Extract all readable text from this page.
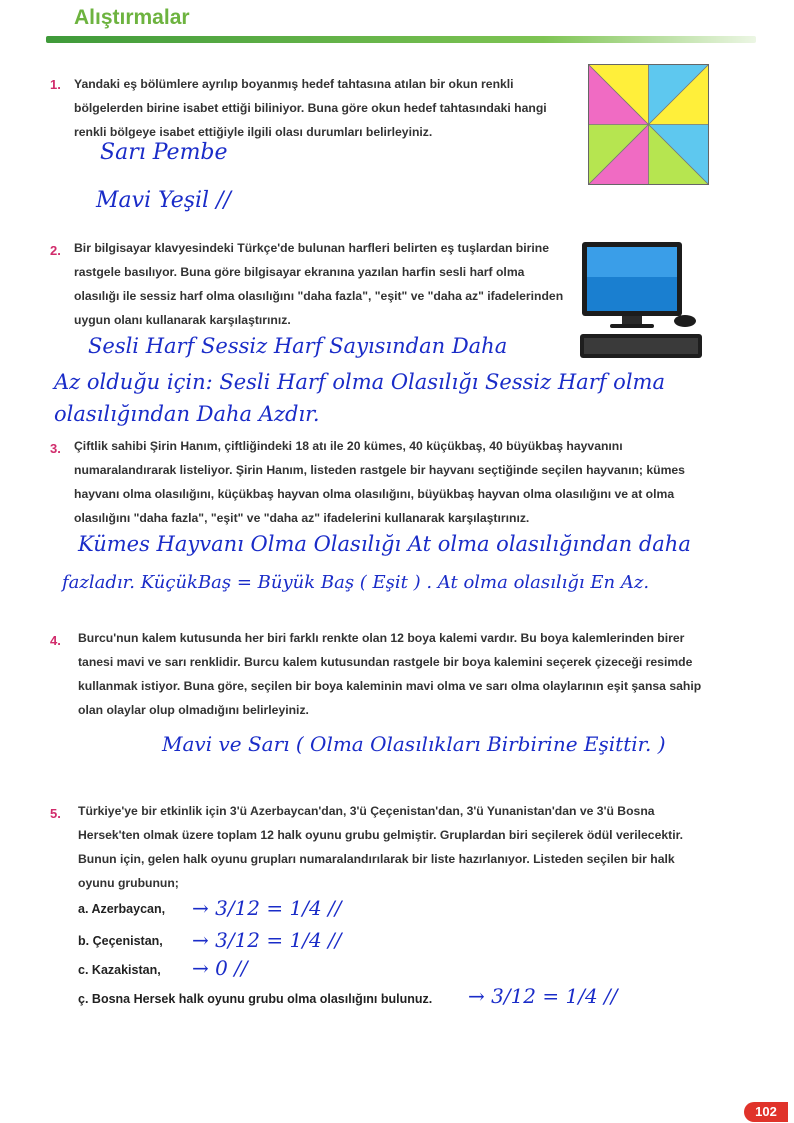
Alıştırmalar
1. Yandaki eş bölümlere ayrılıp boyanmış hedef tahtasına atılan bir okun renkli bölgelerden birine isabet ettiği biliniyor. Buna göre okun hedef tahtasındaki hangi renkli bölgeye isabet ettiğiyle ilgili olası durumları belirleyiniz.

Sarı Pembe
Mavi Yeşil //
2. Bir bilgisayar klavyesindeki Türkçe'de bulunan harfleri belirten eş tuşlardan birine rastgele basılıyor. Buna göre bilgisayar ekranına yazılan harfin sesli harf olma olasılığı ile sessiz harf olma olasılığını "daha fazla", "eşit" ve "daha az" ifadelerinden uygun olanı kullanarak karşılaştırınız.

Sesli Harf Sessiz Harf Sayısından Daha
Az olduğu için: Sesli Harf olma Olasılığı Sessiz Harf olma
olasılığından Daha Azdır.
3. Çiftlik sahibi Şirin Hanım, çiftliğindeki 18 atı ile 20 kümes, 40 küçükbaş, 40 büyükbaş hayvanını numaralandırarak listeliyor. Şirin Hanım, listeden rastgele bir hayvanı seçtiğinde seçilen hayvanın; kümes hayvanı olma olasılığını, küçükbaş hayvan olma olasılığını, büyükbaş hayvan olma olasılığını ve at olma olasılığını "daha fazla", "eşit" ve "daha az" ifadelerini kullanarak karşılaştırınız.

Kümes Hayvanı Olma Olasılığı At olma olasılığından daha
fazladır. KüçükBaş = Büyük Baş ( Eşit ) . At olma olasılığı En Az.
4. Burcu'nun kalem kutusunda her biri farklı renkte olan 12 boya kalemi vardır. Bu boya kalemlerinden birer tanesi mavi ve sarı renklidir. Burcu kalem kutusundan rastgele bir boya kalemini seçerek çizeceği resimde kullanmak istiyor. Buna göre, seçilen bir boya kaleminin mavi olma ve sarı olma olaylarının eşit şansa sahip olan olaylar olup olmadığını belirleyiniz.

Mavi ve Sarı ( Olma Olasılıkları Birbirine Eşittir. )
5. Türkiye'ye bir etkinlik için 3'ü Azerbaycan'dan, 3'ü Çeçenistan'dan, 3'ü Yunanistan'dan ve 3'ü Bosna Hersek'ten olmak üzere toplam 12 halk oyunu grubu gelmiştir. Gruplardan biri seçilerek ödül verilecektir. Bunun için, gelen halk oyunu grupları numaralandırılarak bir liste hazırlanıyor. Listeden seçilen bir halk oyunu grubunun;

a. Azerbaycan, → 3/12 = 1/4 //
b. Çeçenistan, → 3/12 = 1/4 //
c. Kazakistan, → 0 //
ç. Bosna Hersek halk oyunu grubu olma olasılığını bulunuz. → 3/12 = 1/4 //
102
